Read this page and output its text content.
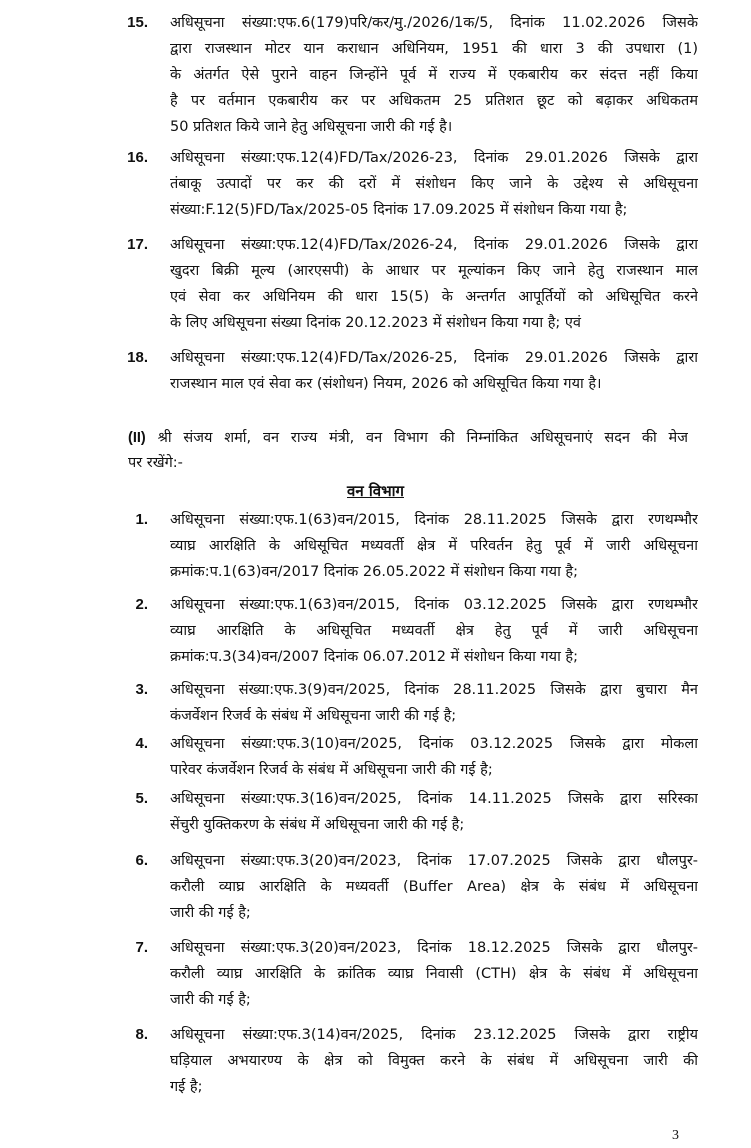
15. अधिसूचना संख्या:एफ.6(179)परि/कर/मु./2026/1क/5, दिनांक 11.02.2026 जिसके
द्वारा राजस्थान मोटर यान कराधान अधिनियम, 1951 की धारा 3 की उपधारा (1)
के अंतर्गत ऐसे पुराने वाहन जिन्होंने पूर्व में राज्य में एकबारीय कर संदत्त नहीं किया
है पर वर्तमान एकबारीय कर पर अधिकतम 25 प्रतिशत छूट को बढ़ाकर अधिकतम
50 प्रतिशत किये जाने हेतु अधिसूचना जारी की गई है।
16. अधिसूचना संख्या:एफ.12(4)FD/Tax/2026-23, दिनांक 29.01.2026 जिसके द्वारा
तंबाकू उत्पादों पर कर की दरों में संशोधन किए जाने के उद्देश्य से अधिसूचना
संख्या:F.12(5)FD/Tax/2025-05 दिनांक 17.09.2025 में संशोधन किया गया है;
17. अधिसूचना संख्या:एफ.12(4)FD/Tax/2026-24, दिनांक 29.01.2026 जिसके द्वारा
खुदरा बिक्री मूल्य (आरएसपी) के आधार पर मूल्यांकन किए जाने हेतु राजस्थान माल
एवं सेवा कर अधिनियम की धारा 15(5) के अन्तर्गत आपूर्तियों को अधिसूचित करने
के लिए अधिसूचना संख्या दिनांक 20.12.2023 में संशोधन किया गया है; एवं
18. अधिसूचना संख्या:एफ.12(4)FD/Tax/2026-25, दिनांक 29.01.2026 जिसके द्वारा
राजस्थान माल एवं सेवा कर (संशोधन) नियम, 2026 को अधिसूचित किया गया है।
(II) श्री संजय शर्मा, वन राज्य मंत्री, वन विभाग की निम्नांकित अधिसूचनाएं सदन की मेज
पर रखेंगे:-
वन विभाग
1. अधिसूचना संख्या:एफ.1(63)वन/2015, दिनांक 28.11.2025 जिसके द्वारा रणथम्भौर
व्याघ्र आरक्षिति के अधिसूचित मध्यवर्ती क्षेत्र में परिवर्तन हेतु पूर्व में जारी अधिसूचना
क्रमांक:प.1(63)वन/2017 दिनांक 26.05.2022 में संशोधन किया गया है;
2. अधिसूचना संख्या:एफ.1(63)वन/2015, दिनांक 03.12.2025 जिसके द्वारा रणथम्भौर
व्याघ्र आरक्षिति के अधिसूचित मध्यवर्ती क्षेत्र हेतु पूर्व में जारी अधिसूचना
क्रमांक:प.3(34)वन/2007 दिनांक 06.07.2012 में संशोधन किया गया है;
3. अधिसूचना संख्या:एफ.3(9)वन/2025, दिनांक 28.11.2025 जिसके द्वारा बुचारा मैन
कंजर्वेशन रिजर्व के संबंध में अधिसूचना जारी की गई है;
4. अधिसूचना संख्या:एफ.3(10)वन/2025, दिनांक 03.12.2025 जिसके द्वारा मोकला
पारेवर कंजर्वेशन रिजर्व के संबंध में अधिसूचना जारी की गई है;
5. अधिसूचना संख्या:एफ.3(16)वन/2025, दिनांक 14.11.2025 जिसके द्वारा सरिस्का
सेंचुरी युक्तिकरण के संबंध में अधिसूचना जारी की गई है;
6. अधिसूचना संख्या:एफ.3(20)वन/2023, दिनांक 17.07.2025 जिसके द्वारा धौलपुर-
करौली व्याघ्र आरक्षिति के मध्यवर्ती (Buffer Area) क्षेत्र के संबंध में अधिसूचना
जारी की गई है;
7. अधिसूचना संख्या:एफ.3(20)वन/2023, दिनांक 18.12.2025 जिसके द्वारा धौलपुर-
करौली व्याघ्र आरक्षिति के क्रांतिक व्याघ्र निवासी (CTH) क्षेत्र के संबंध में अधिसूचना
जारी की गई है;
8. अधिसूचना संख्या:एफ.3(14)वन/2025, दिनांक 23.12.2025 जिसके द्वारा राष्ट्रीय
घड़ियाल अभयारण्य के क्षेत्र को विमुक्त करने के संबंध में अधिसूचना जारी की
गई है;
3
